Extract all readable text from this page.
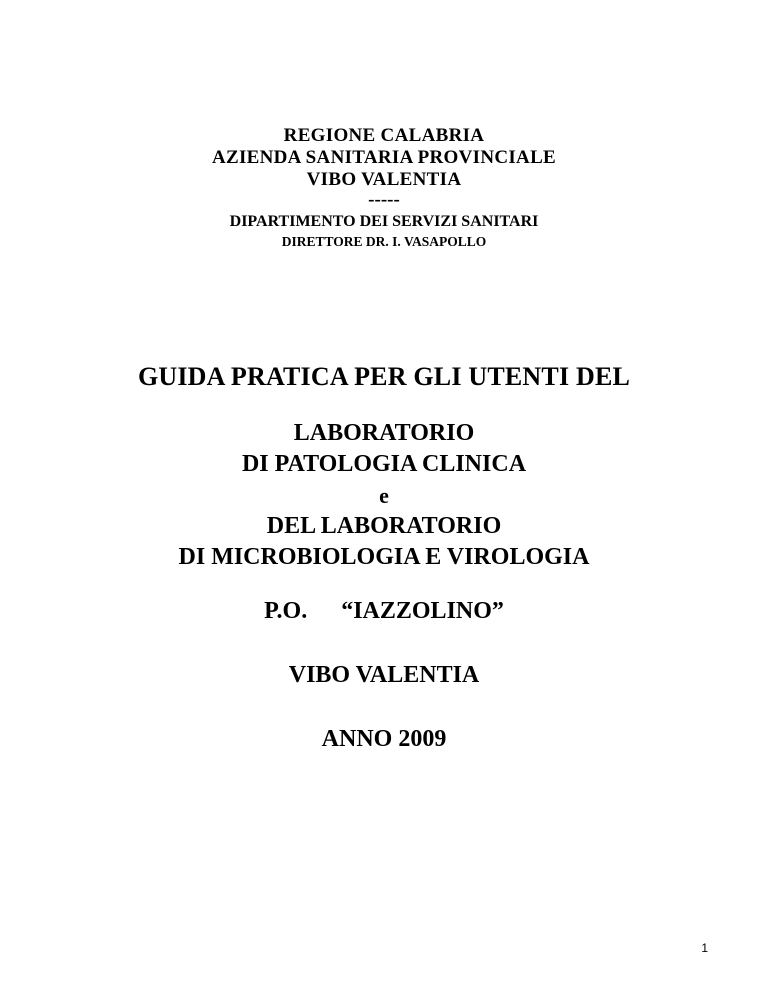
REGIONE CALABRIA
AZIENDA SANITARIA PROVINCIALE
VIBO VALENTIA
-----
DIPARTIMENTO DEI SERVIZI SANITARI
DIRETTORE DR. I. VASAPOLLO
GUIDA PRATICA PER GLI UTENTI DEL
LABORATORIO
DI PATOLOGIA CLINICA
e
DEL LABORATORIO
DI MICROBIOLOGIA E VIROLOGIA
P.O. “IAZZOLINO”
VIBO VALENTIA
ANNO 2009
1
